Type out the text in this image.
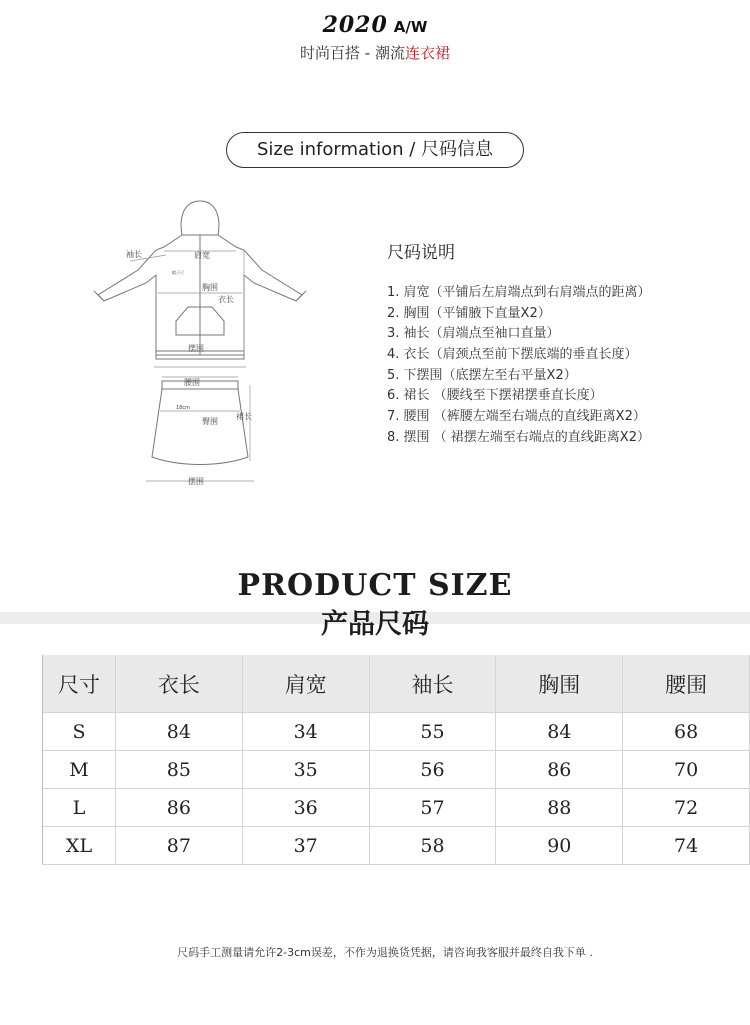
2020 A/W
时尚百搭 - 潮流连衣裙
Size information / 尺码信息
肩宽
袖长
胸围
衣长
摆围
腰围
臀围
裙长
摆围
帽子尺
18cm
尺码说明
1. 肩宽（平铺后左肩端点到右肩端点的距离）
2. 胸围（平铺腋下直量X2）
3. 袖长（肩端点至袖口直量）
4. 衣长（肩颈点至前下摆底端的垂直长度）
5. 下摆围（底摆左至右平量X2）
6. 裙长 （腰线至下摆裙摆垂直长度）
7. 腰围 （裤腰左端至右端点的直线距离X2）
8. 摆围 （ 裙摆左端至右端点的直线距离X2）
PRODUCT SIZE
产品尺码
尺寸	衣长	肩宽	袖长	胸围	腰围
S	84	34	55	84	68
M	85	35	56	86	70
L	86	36	57	88	72
XL	87	37	58	90	74
尺码手工测量请允许2-3cm误差，不作为退换货凭据，请咨询我客服并最终自我下单 .
